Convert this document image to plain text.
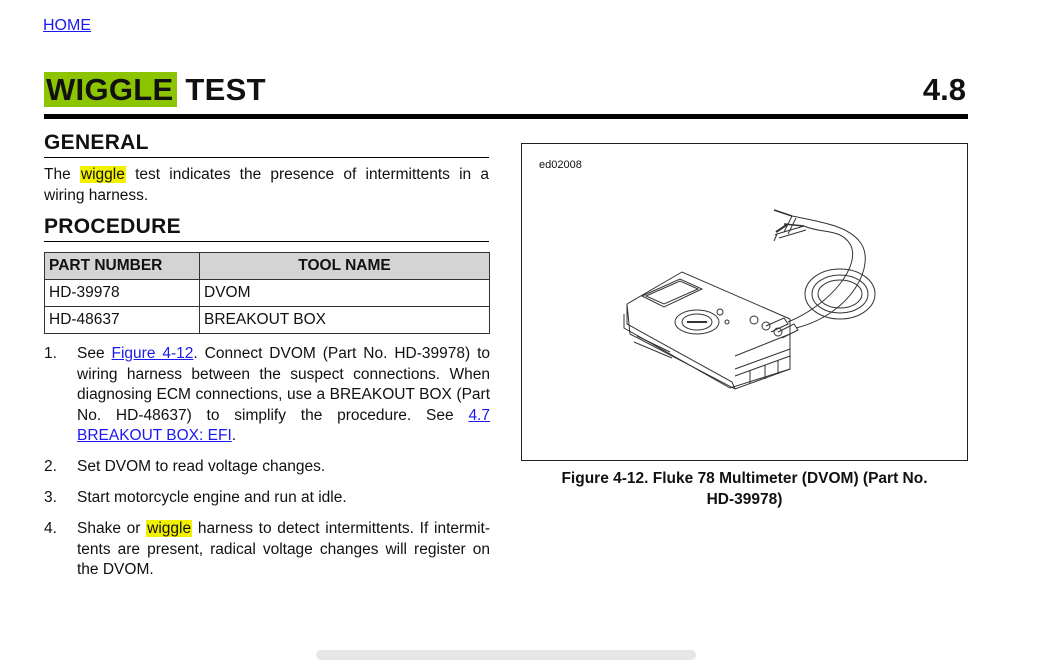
HOME
WIGGLE TEST	4.8
GENERAL
The wiggle test indicates the presence of intermittents in a wiring harness.
PROCEDURE
PART NUMBER	TOOL NAME
HD-39978	DVOM
HD-48637	BREAKOUT BOX
1. See Figure 4-12. Connect DVOM (Part No. HD-39978) to wiring harness between the suspect connections. When diagnosing ECM connections, use a BREAKOUT BOX (Part No. HD-48637) to simplify the procedure. See 4.7 BREAKOUT BOX: EFI.
2. Set DVOM to read voltage changes.
3. Start motorcycle engine and run at idle.
4. Shake or wiggle harness to detect intermittents. If intermit-tents are present, radical voltage changes will register on the DVOM.
ed02008
Figure 4-12. Fluke 78 Multimeter (DVOM) (Part No.
HD-39978)
